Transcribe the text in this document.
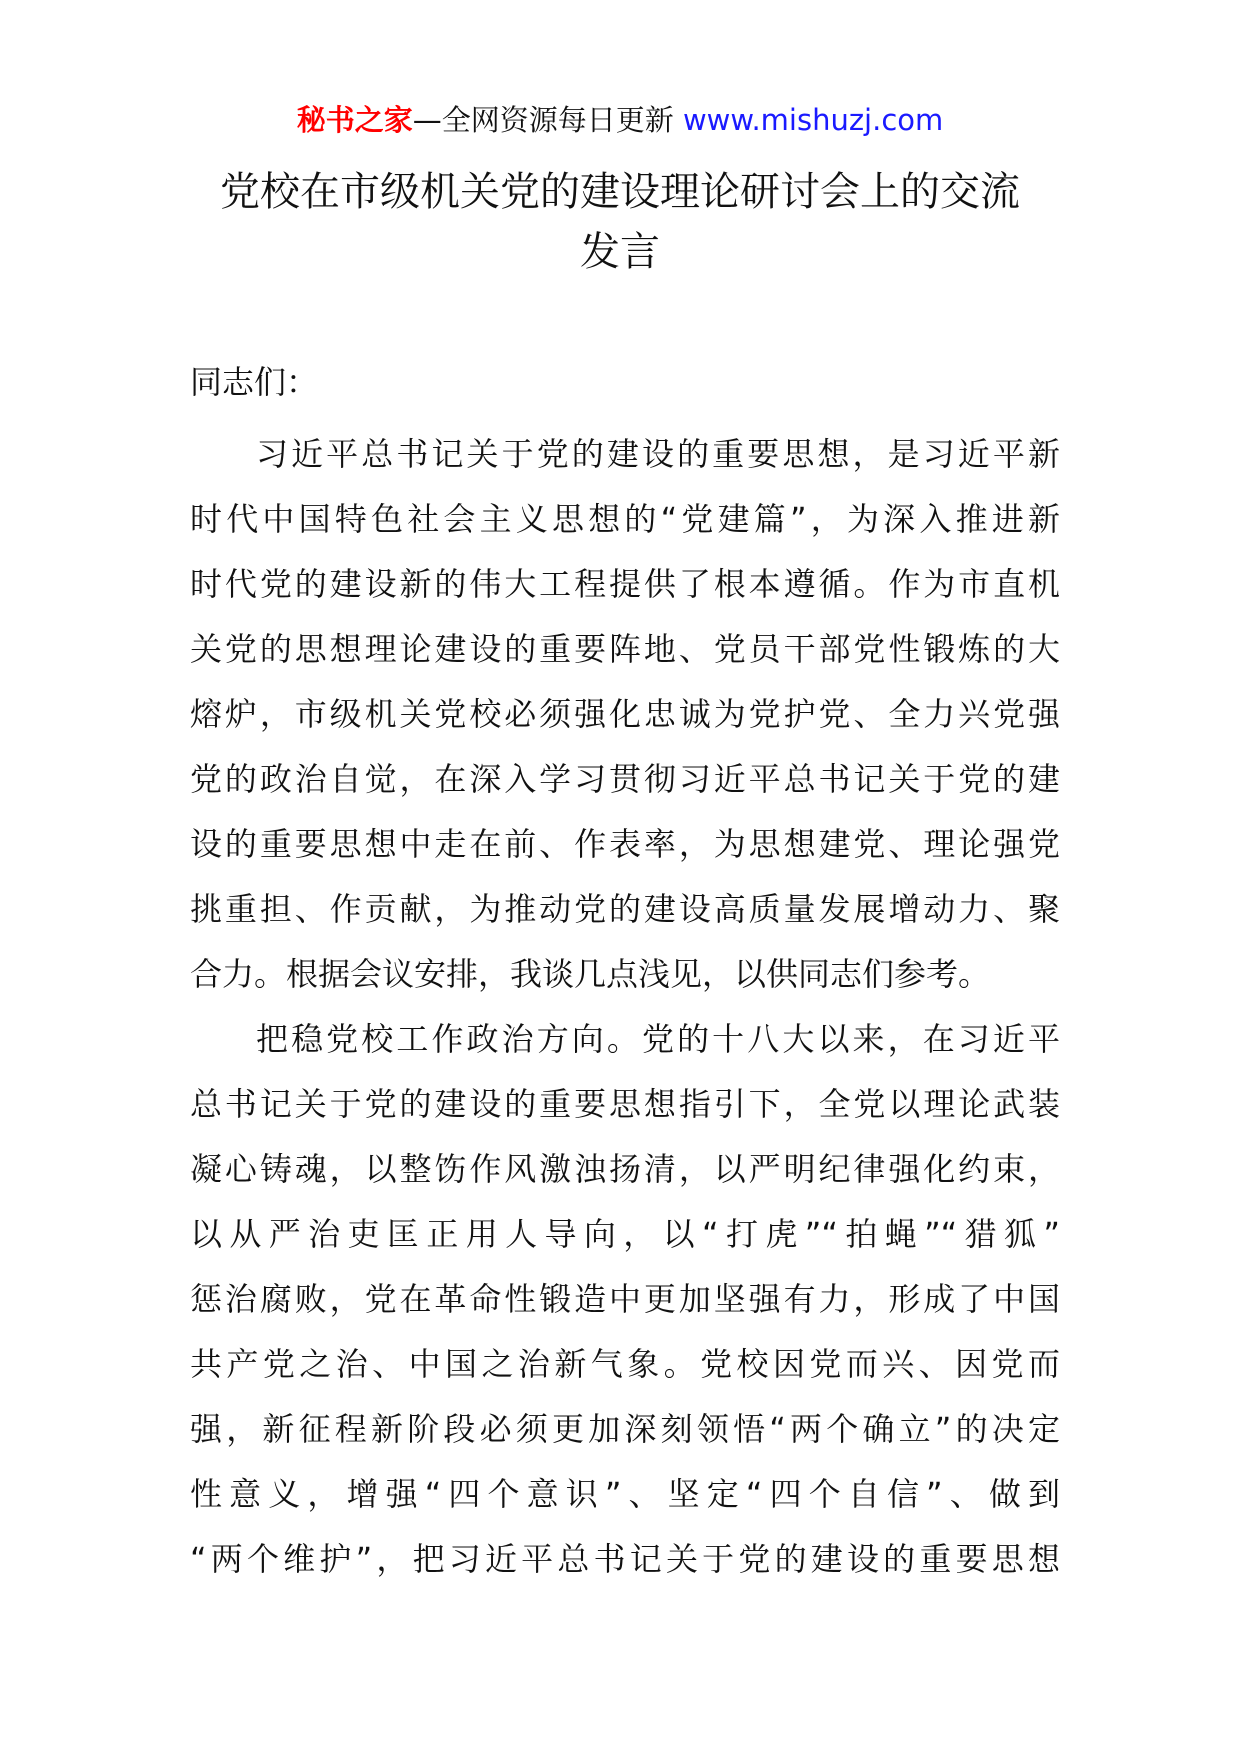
秘书之家—全网资源每日更新 www.mishuzj.com
党校在市级机关党的建设理论研讨会上的交流
发言

同志们：

习近平总书记关于党的建设的重要思想，是习近平新
时代中国特色社会主义思想的“党建篇”，为深入推进新
时代党的建设新的伟大工程提供了根本遵循。作为市直机
关党的思想理论建设的重要阵地、党员干部党性锻炼的大
熔炉，市级机关党校必须强化忠诚为党护党、全力兴党强
党的政治自觉，在深入学习贯彻习近平总书记关于党的建
设的重要思想中走在前、作表率，为思想建党、理论强党
挑重担、作贡献，为推动党的建设高质量发展增动力、聚
合力。根据会议安排，我谈几点浅见，以供同志们参考。

把稳党校工作政治方向。党的十八大以来，在习近平
总书记关于党的建设的重要思想指引下，全党以理论武装
凝心铸魂，以整饬作风激浊扬清，以严明纪律强化约束，
以从严治吏匡正用人导向，以“打虎”“拍蝇”“猎狐”
惩治腐败，党在革命性锻造中更加坚强有力，形成了中国
共产党之治、中国之治新气象。党校因党而兴、因党而
强，新征程新阶段必须更加深刻领悟“两个确立”的决定
性意义，增强“四个意识”、坚定“四个自信”、做到
“两个维护”，把习近平总书记关于党的建设的重要思想
